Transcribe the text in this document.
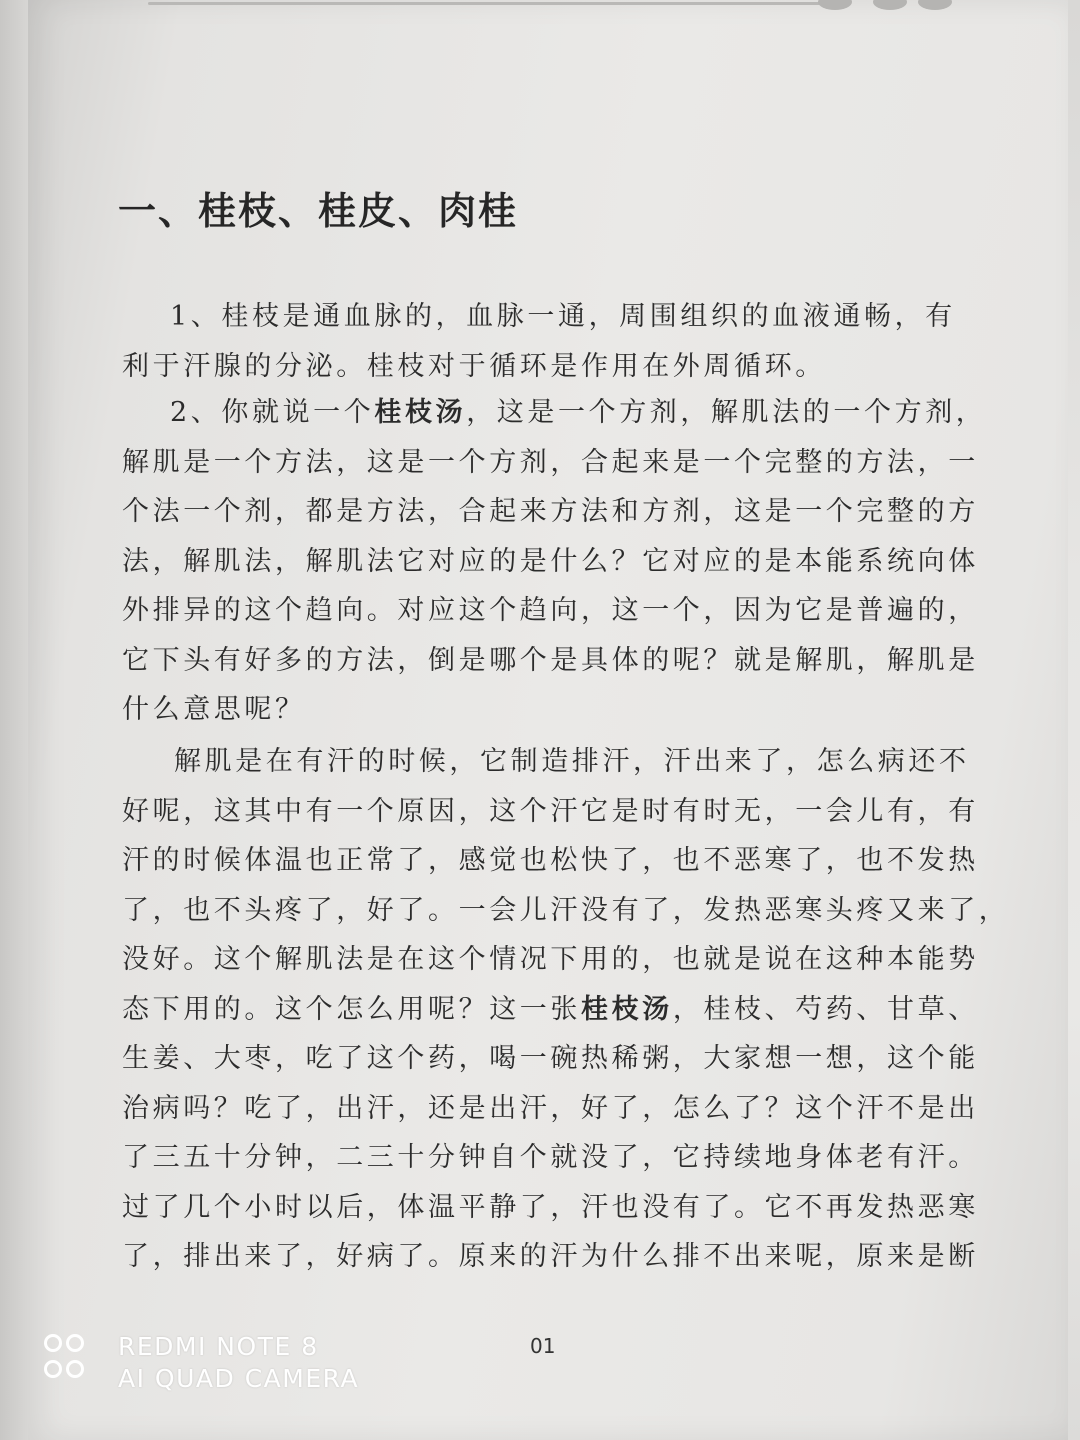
一、桂枝、桂皮、肉桂

1、桂枝是通血脉的，血脉一通，周围组织的血液通畅，有
利于汗腺的分泌。桂枝对于循环是作用在外周循环。

2、你就说一个桂枝汤，这是一个方剂，解肌法的一个方剂，
解肌是一个方法，这是一个方剂，合起来是一个完整的方法，一
个法一个剂，都是方法，合起来方法和方剂，这是一个完整的方
法，解肌法，解肌法它对应的是什么？它对应的是本能系统向体
外排异的这个趋向。对应这个趋向，这一个，因为它是普遍的，
它下头有好多的方法，倒是哪个是具体的呢？就是解肌，解肌是
什么意思呢？

解肌是在有汗的时候，它制造排汗，汗出来了，怎么病还不
好呢，这其中有一个原因，这个汗它是时有时无，一会儿有，有
汗的时候体温也正常了，感觉也松快了，也不恶寒了，也不发热
了，也不头疼了，好了。一会儿汗没有了，发热恶寒头疼又来了，
没好。这个解肌法是在这个情况下用的，也就是说在这种本能势
态下用的。这个怎么用呢？这一张桂枝汤，桂枝、芍药、甘草、
生姜、大枣，吃了这个药，喝一碗热稀粥，大家想一想，这个能
治病吗？吃了，出汗，还是出汗，好了，怎么了？这个汗不是出
了三五十分钟，二三十分钟自个就没了，它持续地身体老有汗。
过了几个小时以后，体温平静了，汗也没有了。它不再发热恶寒
了，排出来了，好病了。原来的汗为什么排不出来呢，原来是断

01
REDMI NOTE 8
AI QUAD CAMERA
